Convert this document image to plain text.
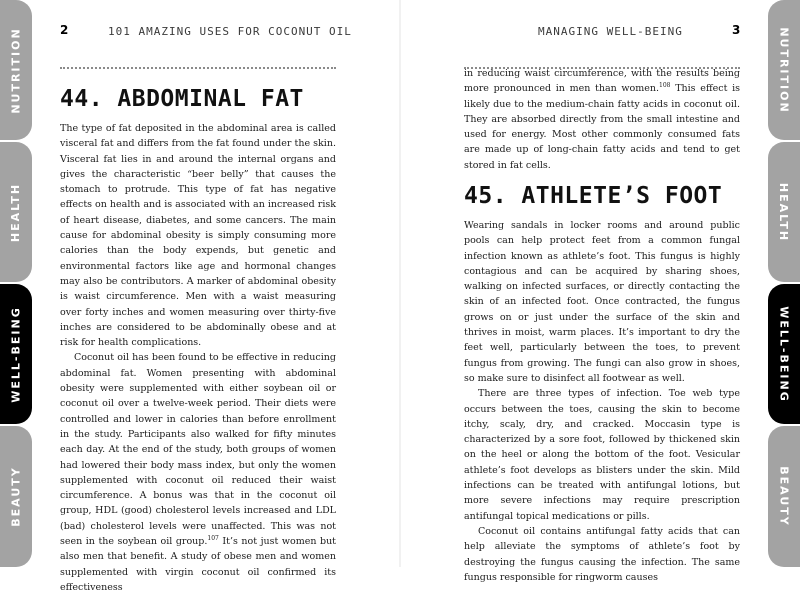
NUTRITION
HEALTH
WELL-BEING
BEAUTY
NUTRITION
HEALTH
WELL-BEING
BEAUTY
2	101 AMAZING USES FOR COCONUT OIL
44. ABDOMINAL FAT

The type of fat deposited in the abdominal area is called visceral fat and differs from the fat found under the skin. Visceral fat lies in and around the internal organs and gives the characteristic “beer belly” that causes the stomach to protrude. This type of fat has negative effects on health and is associated with an increased risk of heart disease, diabetes, and some cancers. The main cause for abdominal obesity is simply consuming more calories than the body expends, but genetic and environmental factors like age and hormonal changes may also be contributors. A marker of abdominal obesity is waist circumference. Men with a waist measuring over forty inches and women measuring over thirty-five inches are considered to be abdominally obese and at risk for health complications.

Coconut oil has been found to be effective in reducing abdominal fat. Women presenting with abdominal obesity were supplemented with either soybean oil or coconut oil over a twelve-week period. Their diets were controlled and lower in calories than before enrollment in the study. Participants also walked for fifty minutes each day. At the end of the study, both groups of women had lowered their body mass index, but only the women supplemented with coconut oil reduced their waist circumference. A bonus was that in the coconut oil group, HDL (good) cholesterol levels increased and LDL (bad) cholesterol levels were unaffected. This was not seen in the soybean oil group.$^{107}$ It’s not just women but also men that benefit. A study of obese men and women supplemented with virgin coconut oil confirmed its effectiveness

MANAGING WELL-BEING	3

in reducing waist circumference, with the results being more pronounced in men than women.$^{108}$ This effect is likely due to the medium-chain fatty acids in coconut oil. They are absorbed directly from the small intestine and used for energy. Most other commonly consumed fats are made up of long-chain fatty acids and tend to get stored in fat cells.

45. ATHLETE’S FOOT

Wearing sandals in locker rooms and around public pools can help protect feet from a common fungal infection known as athlete’s foot. This fungus is highly contagious and can be acquired by sharing shoes, walking on infected surfaces, or directly contacting the skin of an infected foot. Once contracted, the fungus grows on or just under the surface of the skin and thrives in moist, warm places. It’s important to dry the feet well, particularly between the toes, to prevent fungus from growing. The fungi can also grow in shoes, so make sure to disinfect all footwear as well.

There are three types of infection. Toe web type occurs between the toes, causing the skin to become itchy, scaly, dry, and cracked. Moccasin type is characterized by a sore foot, followed by thickened skin on the heel or along the bottom of the foot. Vesicular athlete’s foot develops as blisters under the skin. Mild infections can be treated with antifungal lotions, but more severe infections may require prescription antifungal topical medications or pills.

Coconut oil contains antifungal fatty acids that can help alleviate the symptoms of athlete’s foot by destroying the fungus causing the infection. The same fungus responsible for ringworm causes
